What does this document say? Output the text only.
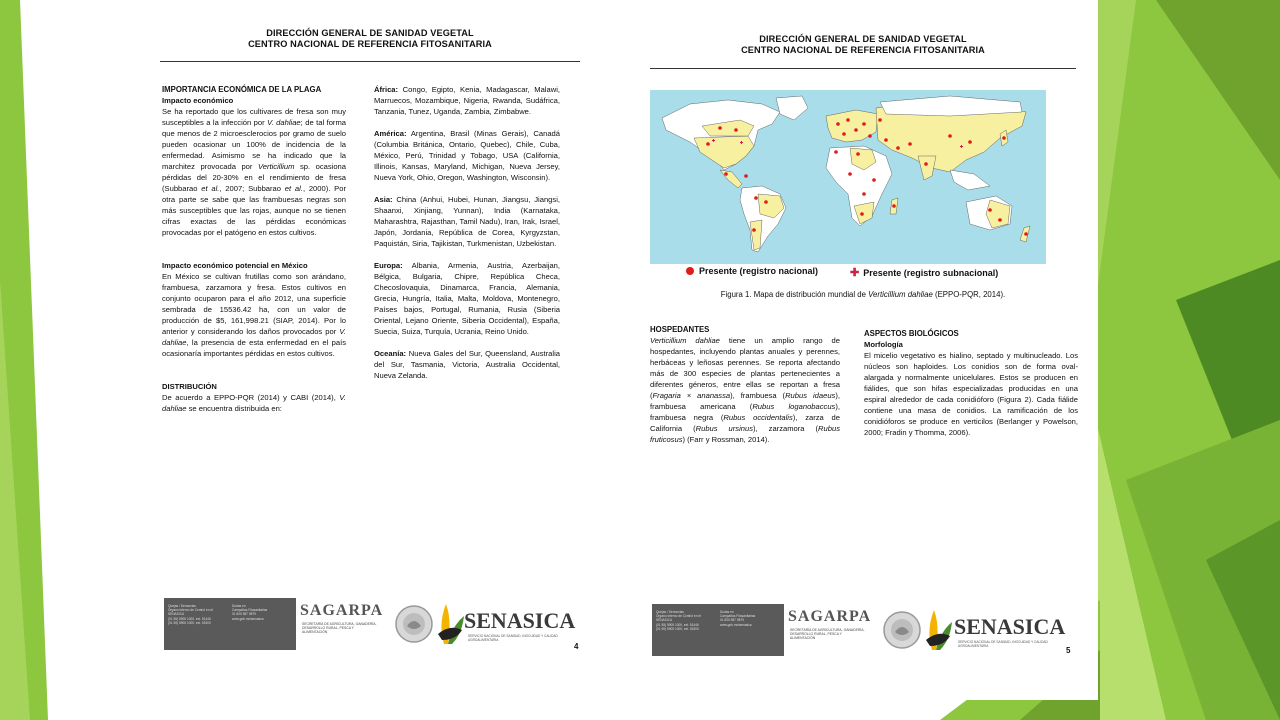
DIRECCIÓN GENERAL DE SANIDAD VEGETAL
CENTRO NACIONAL DE REFERENCIA FITOSANITARIA

IMPORTANCIA ECONÓMICA DE LA PLAGA

Impacto económico

Se ha reportado que los cultivares de fresa son muy susceptibles a la infección por V. dahliae; de tal forma que menos de 2 microesclerocios por gramo de suelo pueden ocasionar un 100% de incidencia de la enfermedad. Asimismo se ha indicado que la marchitez provocada por Verticillium sp. ocasiona pérdidas del 20-30% en el rendimiento de fresa (Subbarao et al., 2007; Subbarao et al., 2000). Por otra parte se sabe que las frambuesas negras son más susceptibles que las rojas, aunque no se tienen cifras exactas de las pérdidas económicas provocadas por el patógeno en estos cultivos.

Impacto económico potencial en México

En México se cultivan frutillas como son arándano, frambuesa, zarzamora y fresa. Estos cultivos en conjunto ocuparon para el año 2012, una superficie sembrada de 15536.42 ha, con un valor de producción de $5, 161,998.21 (SIAP, 2014). Por lo anterior y considerando los daños provocados por V. dahliae, la presencia de esta enfermedad en el país ocasionaría importantes pérdidas en estos cultivos.

DISTRIBUCIÓN

De acuerdo a EPPO-PQR (2014) y CABI (2014), V. dahliae se encuentra distribuida en:

África: Congo, Egipto, Kenia, Madagascar, Malawi, Marruecos, Mozambique, Nigeria, Rwanda, Sudáfrica, Tanzania, Tunez, Uganda, Zambia, Zimbabwe.

América: Argentina, Brasil (Minas Gerais), Canadá (Columbia Británica, Ontario, Quebec), Chile, Cuba, México, Perú, Trinidad y Tobago, USA (California, Illinois, Kansas, Maryland, Michigan, Nueva Jersey, Nueva York, Ohio, Oregon, Washington, Wisconsin).

Asia: China (Anhui, Hubei, Hunan, Jiangsu, Jiangsi, Shaanxi, Xinjiang, Yunnan), India (Karnataka, Maharashtra, Rajasthan, Tamil Nadu), Iran, Irak, Israel, Japón, Jordania, República de Corea, Kyrgyzstan, Paquistán, Siria, Tajikistan, Turkmenistan, Uzbekistan.

Europa: Albania, Armenia, Austria, Azerbaijan, Bélgica, Bulgaria, Chipre, República Checa, Checoslovaquia, Dinamarca, Francia, Alemania, Grecia, Hungría, Italia, Malta, Moldova, Montenegro, Países bajos, Portugal, Rumania, Rusia (Siberia Oriental, Lejano Oriente, Siberia Occidental), España, Suecia, Suiza, Turquía, Ucrania, Reino Unido.

Oceanía: Nueva Gales del Sur, Queensland, Australia del Sur, Tasmania, Victoria, Australia Occidental, Nueva Zelanda.

Quejas / Denuncias
Órgano Interno de Control en el SENASICA
(01 55) 5905 1000, ext. 51446
(01 55) 5905 1000, ext. 51500
Dudas en
Campañas Fitosanitarias
01 800 987 9879
www.gob.mx/senasica	SAGARPA
SECRETARÍA DE AGRICULTURA, GANADERÍA, DESARROLLO RURAL, PESCA Y ALIMENTACIÓN	SENASICA
SERVICIO NACIONAL DE SANIDAD, INOCUIDAD Y CALIDAD AGROALIMENTARIA
4
DIRECCIÓN GENERAL DE SANIDAD VEGETAL
CENTRO NACIONAL DE REFERENCIA FITOSANITARIA
Presente (registro nacional)	✚ Presente (registro subnacional)
Figura 1. Mapa de distribución mundial de Verticillium dahliae (EPPO-PQR, 2014).

HOSPEDANTES

Verticillium dahliae tiene un amplio rango de hospedantes, incluyendo plantas anuales y perennes, herbáceas y leñosas perennes. Se reporta afectando más de 300 especies de plantas pertenecientes a diferentes géneros, entre ellas se reportan a fresa (Fragaria × ananassa), frambuesa (Rubus idaeus), frambuesa americana (Rubus loganobaccus), frambuesa negra (Rubus occidentalis), zarza de California (Rubus ursinus), zarzamora (Rubus fruticosus) (Farr y Rossman, 2014).

ASPECTOS BIOLÓGICOS

Morfología

El micelio vegetativo es hialino, septado y multinucleado. Los núcleos son haploides. Los conidios son de forma oval-alargada y normalmente unicelulares. Estos se producen en fiálides, que son hifas especializadas producidas en una espiral alrededor de cada conidióforo (Figura 2). Cada fiálide contiene una masa de conidios. La ramificación de los conidióforos se produce en verticilos (Berlanger y Powelson, 2000; Fradin y Thomma, 2006).

Quejas / Denuncias
Órgano Interno de Control en el SENASICA
(01 55) 5905 1000, ext. 51446
(01 55) 5905 1000, ext. 51500
Dudas en
Campañas Fitosanitarias
01 800 987 9879
www.gob.mx/senasica	SAGARPA
SECRETARÍA DE AGRICULTURA, GANADERÍA, DESARROLLO RURAL, PESCA Y ALIMENTACIÓN	SENASICA
SERVICIO NACIONAL DE SANIDAD, INOCUIDAD Y CALIDAD AGROALIMENTARIA	5
